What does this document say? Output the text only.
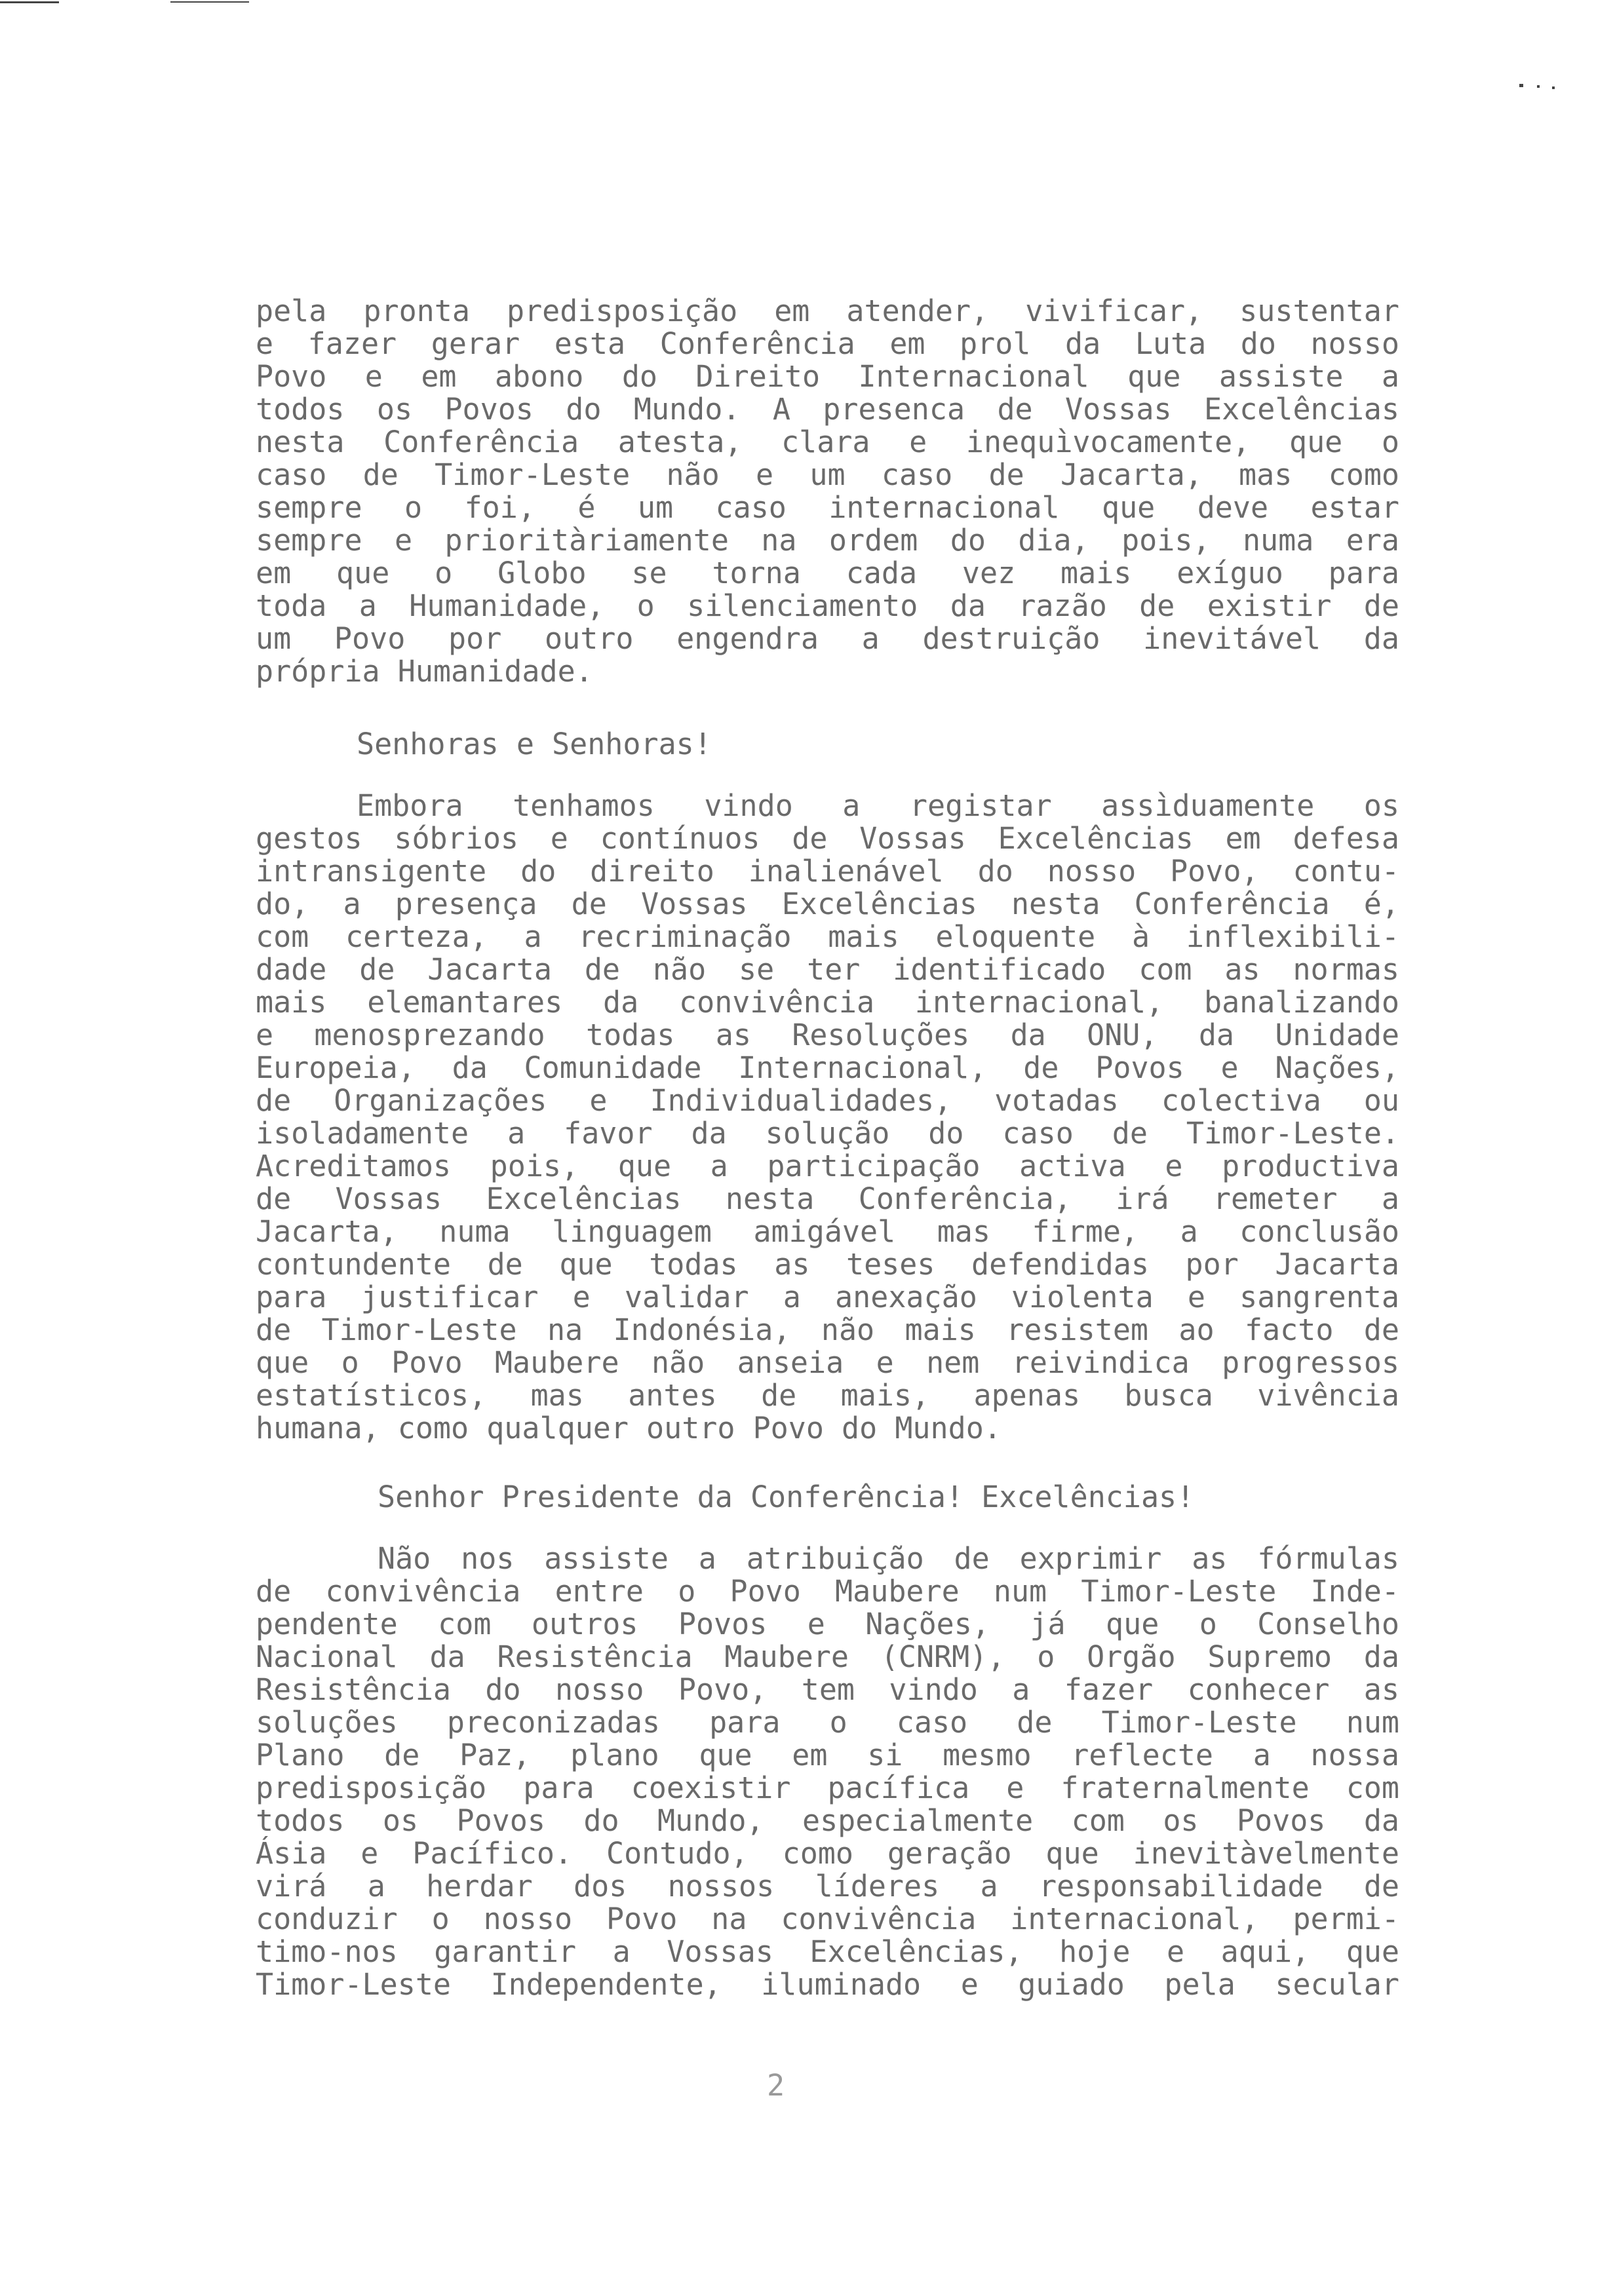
pela pronta predisposição em atender, vivificar, sustentar
e fazer gerar esta Conferência em prol da Luta do nosso
Povo e em abono do Direito Internacional que assiste a
todos os Povos do Mundo. A presenca de Vossas Excelências
nesta Conferência atesta, clara e inequìvocamente, que o
caso de Timor-Leste não e um caso de Jacarta, mas como
sempre o foi, é um caso internacional que deve estar
sempre e prioritàriamente na ordem do dia, pois, numa era
em que o Globo se torna cada vez mais exíguo para
toda a Humanidade, o silenciamento da razão de existir de
um Povo por outro engendra a destruição inevitável da
própria Humanidade.
Senhoras e Senhoras!
Embora tenhamos vindo a registar assìduamente os
gestos sóbrios e contínuos de Vossas Excelências em defesa
intransigente do direito inalienável do nosso Povo, contu-
do, a presença de Vossas Excelências nesta Conferência é,
com certeza, a recriminação mais eloquente à inflexibili-
dade de Jacarta de não se ter identificado com as normas
mais elemantares da convivência internacional, banalizando
e menosprezando todas as Resoluções da ONU, da Unidade
Europeia, da Comunidade Internacional, de Povos e Nações,
de Organizações e Individualidades, votadas colectiva ou
isoladamente a favor da solução do caso de Timor-Leste.
Acreditamos pois, que a participação activa e productiva
de Vossas Excelências nesta Conferência, irá remeter a
Jacarta, numa linguagem amigável mas firme, a conclusão
contundente de que todas as teses defendidas por Jacarta
para justificar e validar a anexação violenta e sangrenta
de Timor-Leste na Indonésia, não mais resistem ao facto de
que o Povo Maubere não anseia e nem reivindica progressos
estatísticos, mas antes de mais, apenas busca vivência
humana, como qualquer outro Povo do Mundo.
Senhor Presidente da Conferência! Excelências!
Não nos assiste a atribuição de exprimir as fórmulas
de convivência entre o Povo Maubere num Timor-Leste Inde-
pendente com outros Povos e Nações, já que o Conselho
Nacional da Resistência Maubere (CNRM), o Orgão Supremo da
Resistência do nosso Povo, tem vindo a fazer conhecer as
soluções preconizadas para o caso de Timor-Leste num
Plano de Paz, plano que em si mesmo reflecte a nossa
predisposição para coexistir pacífica e fraternalmente com
todos os Povos do Mundo, especialmente com os Povos da
Ásia e Pacífico. Contudo, como geração que inevitàvelmente
virá a herdar dos nossos líderes a responsabilidade de
conduzir o nosso Povo na convivência internacional, permi-
timo-nos garantir a Vossas Excelências, hoje e aqui, que
Timor-Leste Independente, iluminado e guiado pela secular
2
